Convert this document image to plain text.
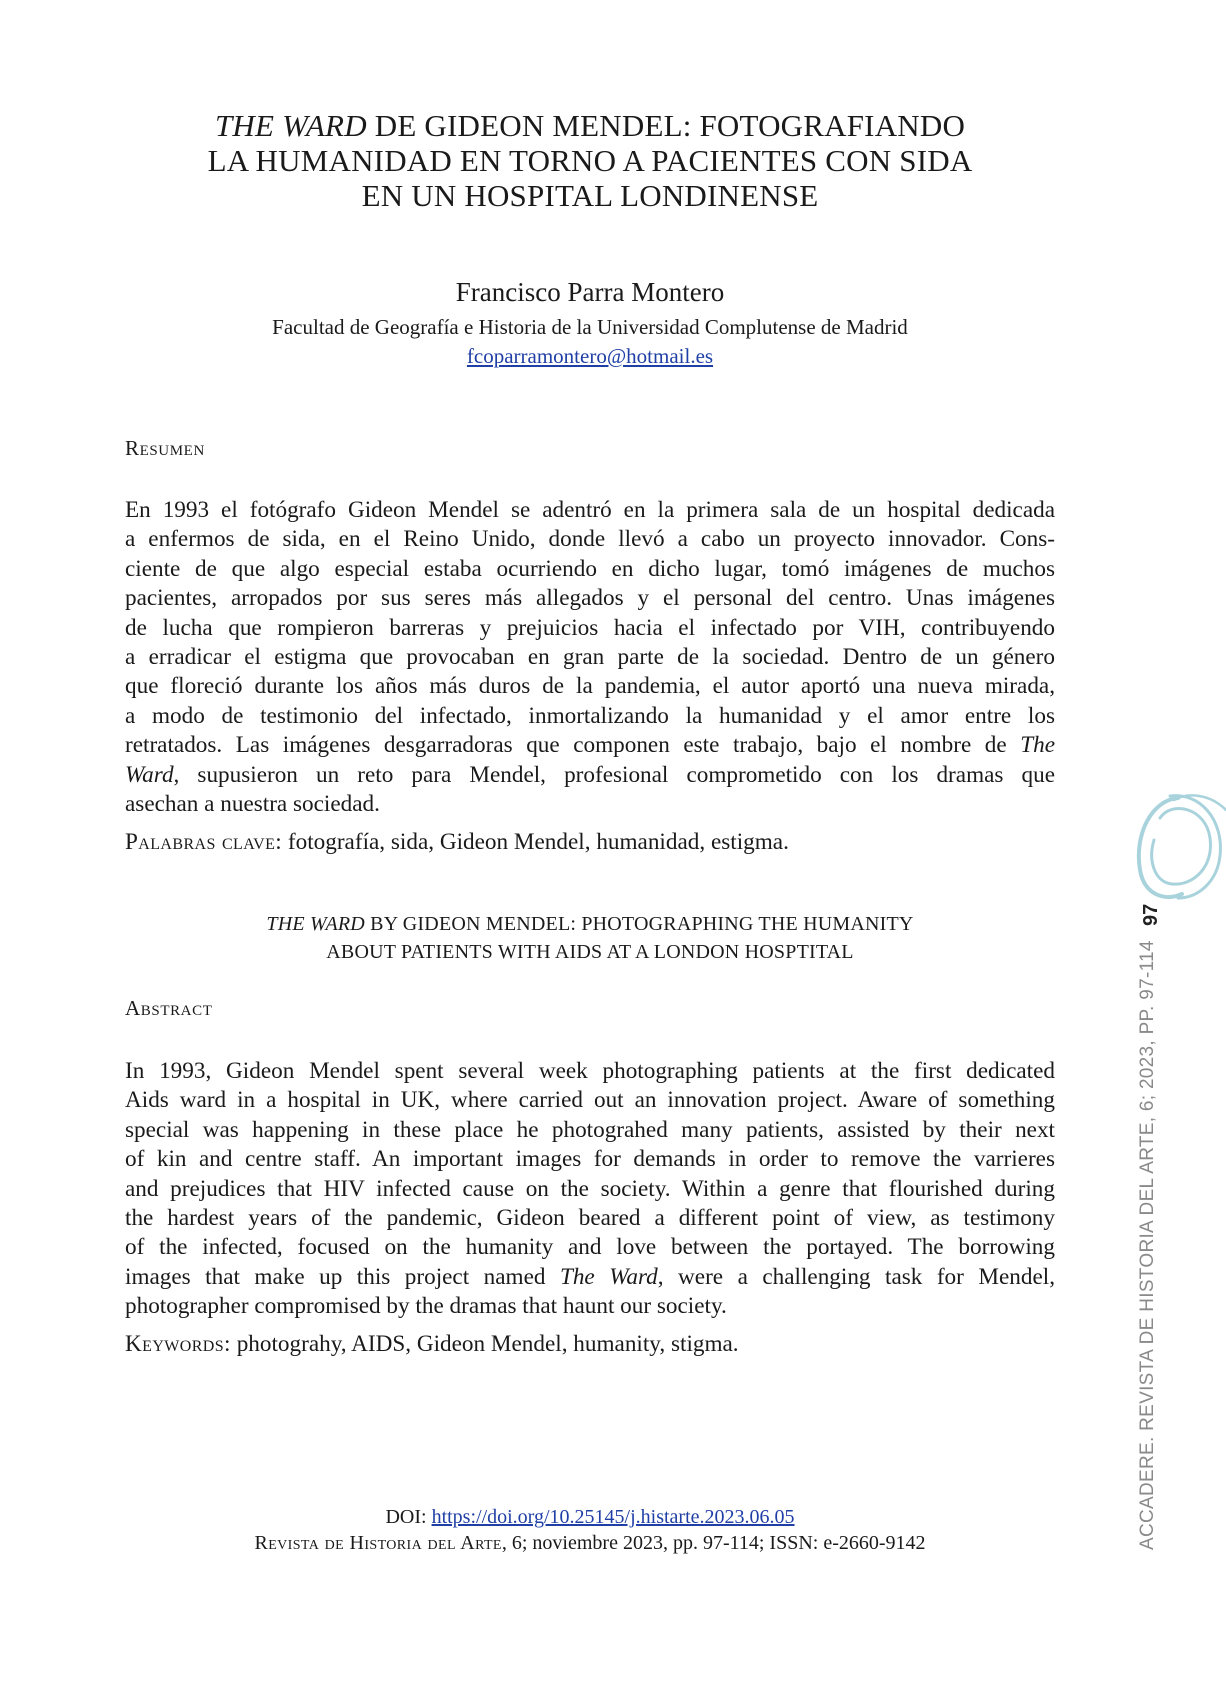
THE WARD DE GIDEON MENDEL: FOTOGRAFIANDO
LA HUMANIDAD EN TORNO A PACIENTES CON SIDA
EN UN HOSPITAL LONDINENSE
Francisco Parra Montero
Facultad de Geografía e Historia de la Universidad Complutense de Madrid
fcoparramontero@hotmail.es
Resumen
En 1993 el fotógrafo Gideon Mendel se adentró en la primera sala de un hospital dedicada
a enfermos de sida, en el Reino Unido, donde llevó a cabo un proyecto innovador. Cons-
ciente de que algo especial estaba ocurriendo en dicho lugar, tomó imágenes de muchos
pacientes, arropados por sus seres más allegados y el personal del centro. Unas imágenes
de lucha que rompieron barreras y prejuicios hacia el infectado por VIH, contribuyendo
a erradicar el estigma que provocaban en gran parte de la sociedad. Dentro de un género
que floreció durante los años más duros de la pandemia, el autor aportó una nueva mirada,
a modo de testimonio del infectado, inmortalizando la humanidad y el amor entre los
retratados. Las imágenes desgarradoras que componen este trabajo, bajo el nombre de The
Ward, supusieron un reto para Mendel, profesional comprometido con los dramas que
asechan a nuestra sociedad.
Palabras clave: fotografía, sida, Gideon Mendel, humanidad, estigma.
THE WARD BY GIDEON MENDEL: PHOTOGRAPHING THE HUMANITY
ABOUT PATIENTS WITH AIDS AT A LONDON HOSPTITAL
Abstract
In 1993, Gideon Mendel spent several week photographing patients at the first dedicated
Aids ward in a hospital in UK, where carried out an innovation project. Aware of something
special was happening in these place he photograhed many patients, assisted by their next
of kin and centre staff. An important images for demands in order to remove the varrieres
and prejudices that HIV infected cause on the society. Within a genre that flourished during
the hardest years of the pandemic, Gideon beared a different point of view, as testimony
of the infected, focused on the humanity and love between the portayed. The borrowing
images that make up this project named The Ward, were a challenging task for Mendel,
photographer compromised by the dramas that haunt our society.
Keywords: photograhy, AIDS, Gideon Mendel, humanity, stigma.
DOI: https://doi.org/10.25145/j.histarte.2023.06.05
Revista de Historia del Arte, 6; noviembre 2023, pp. 97-114; ISSN: e-2660-9142
97
ACCADERE. REVISTA DE HISTORIA DEL ARTE, 6; 2023, PP. 97-114
